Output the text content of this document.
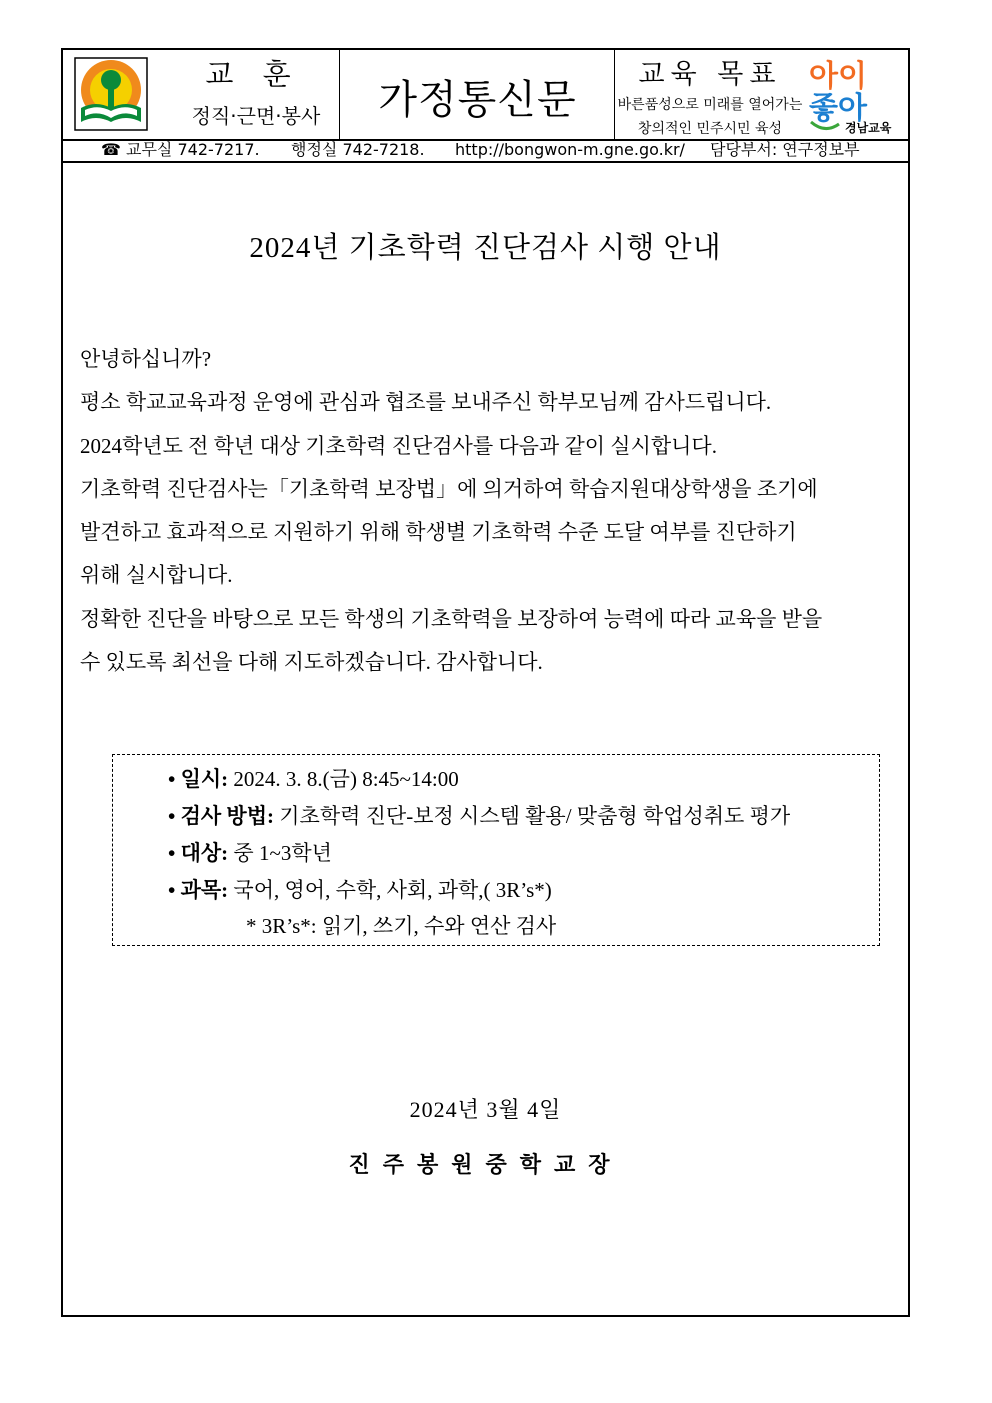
교 훈
정직·근면·봉사	가정통신문
교육 목표
바른품성으로 미래를 열어가는
창의적인 민주시민 육성
아이
좋아
경남교육
☎ 교무실 742-7217. 행정실 742-7218. http://bongwon-m.gne.go.kr/ 담당부서: 연구정보부
2024년 기초학력 진단검사 시행 안내

안녕하십니까?

평소 학교교육과정 운영에 관심과 협조를 보내주신 학부모님께 감사드립니다.

2024학년도 전 학년 대상 기초학력 진단검사를 다음과 같이 실시합니다.

기초학력 진단검사는「기초학력 보장법」에 의거하여 학습지원대상학생을 조기에

발견하고 효과적으로 지원하기 위해 학생별 기초학력 수준 도달 여부를 진단하기

위해 실시합니다.

정확한 진단을 바탕으로 모든 학생의 기초학력을 보장하여 능력에 따라 교육을 받을

수 있도록 최선을 다해 지도하겠습니다. 감사합니다.

• 일시: 2024. 3. 8.(금) 8:45~14:00
• 검사 방법: 기초학력 진단-보정 시스템 활용/ 맞춤형 학업성취도 평가
• 대상: 중 1~3학년
• 과목: 국어, 영어, 수학, 사회, 과학,( 3R’s*)
* 3R’s*: 읽기, 쓰기, 수와 연산 검사
2024년 3월 4일
진주봉원중학교장
